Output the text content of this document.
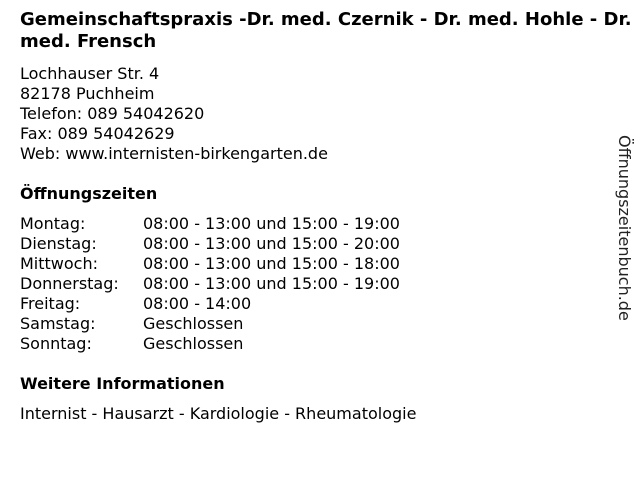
Gemeinschaftspraxis -Dr. med. Czernik - Dr. med. Hohle - Dr. med. Frensch
Lochhauser Str. 4
82178 Puchheim
Telefon: 089 54042620
Fax: 089 54042629
Web: www.internisten-birkengarten.de
Öffnungszeiten
Montag:	08:00 - 13:00 und 15:00 - 19:00
Dienstag:	08:00 - 13:00 und 15:00 - 20:00
Mittwoch:	08:00 - 13:00 und 15:00 - 18:00
Donnerstag:	08:00 - 13:00 und 15:00 - 19:00
Freitag:	08:00 - 14:00
Samstag:	Geschlossen
Sonntag:	Geschlossen
Weitere Informationen
Internist - Hausarzt - Kardiologie - Rheumatologie
Öffnungszeitenbuch.de
